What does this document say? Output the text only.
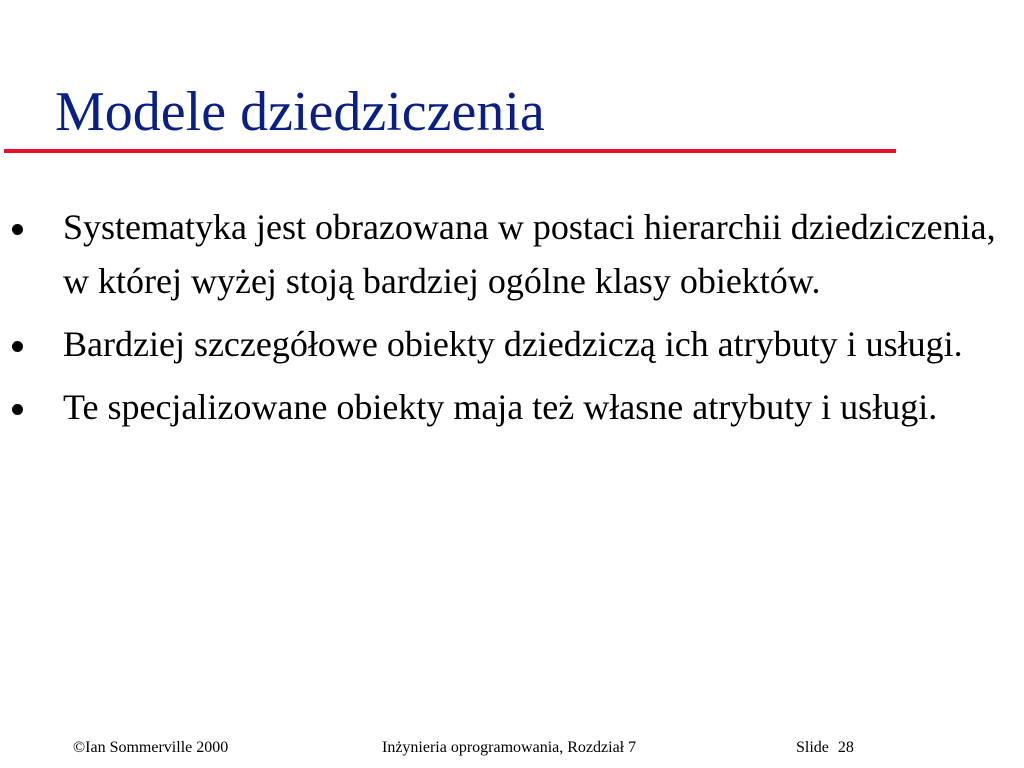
Modele dziedziczenia
Systematyka jest obrazowana w postaci hierarchii dziedziczenia, w której wyżej stoją bardziej ogólne klasy obiektów.
Bardziej szczegółowe obiekty dziedziczą ich atrybuty i usługi.
Te specjalizowane obiekty maja też własne atrybuty i usługi.
©Ian Sommerville 2000	Inżynieria oprogramowania, Rozdział 7	Slide 28
